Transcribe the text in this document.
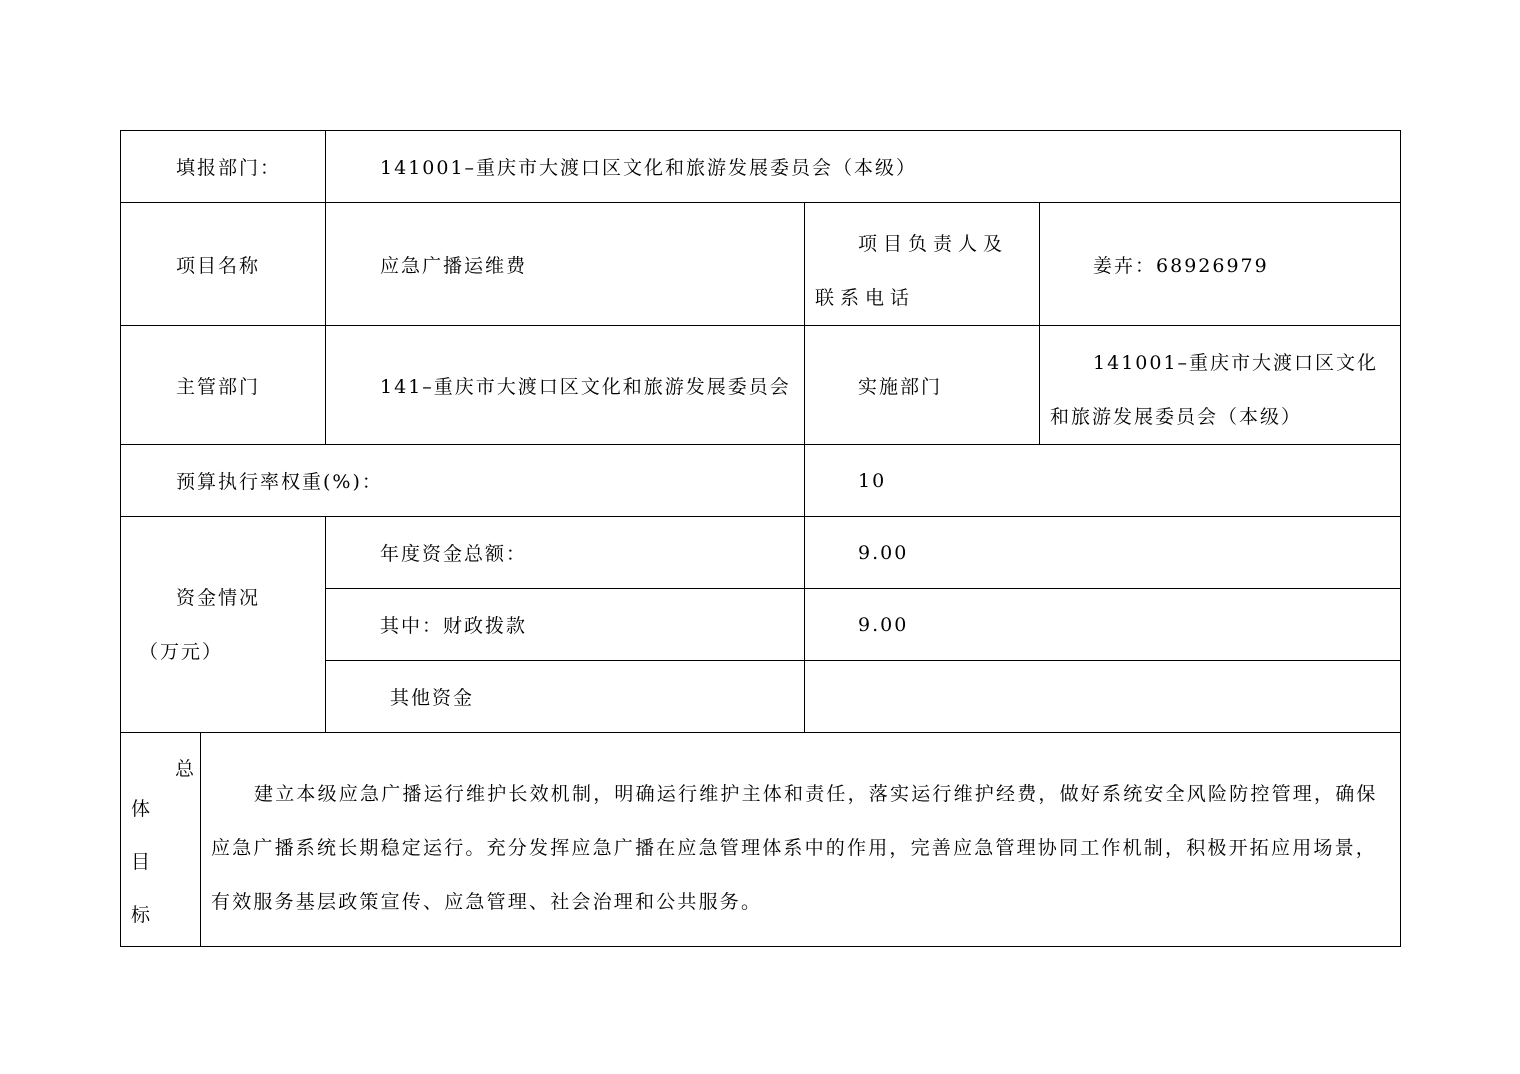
填报部门：		141001–重庆市大渡口区文化和旅游发展委员会（本级）		
项目名称		应急广播运维费	项目负责人及联系电话	姜卉：68926979
主管部门		141–重庆市大渡口区文化和旅游发展委员会	实施部门	141001–重庆市大渡口区文化和旅游发展委员会（本级）

预算执行率权重(%)：			10	

资金情况
（万元）		年度资金总额：	9.00	
		其中：财政拨款	9.00	
		其他资金		

总
体
目
标	建立本级应急广播运行维护长效机制，明确运行维护主体和责任，落实运行维护经费，做好系统安全风险防控管理，确保应急广播系统长期稳定运行。充分发挥应急广播在应急管理体系中的作用，完善应急管理协同工作机制，积极开拓应用场景，有效服务基层政策宣传、应急管理、社会治理和公共服务。			
